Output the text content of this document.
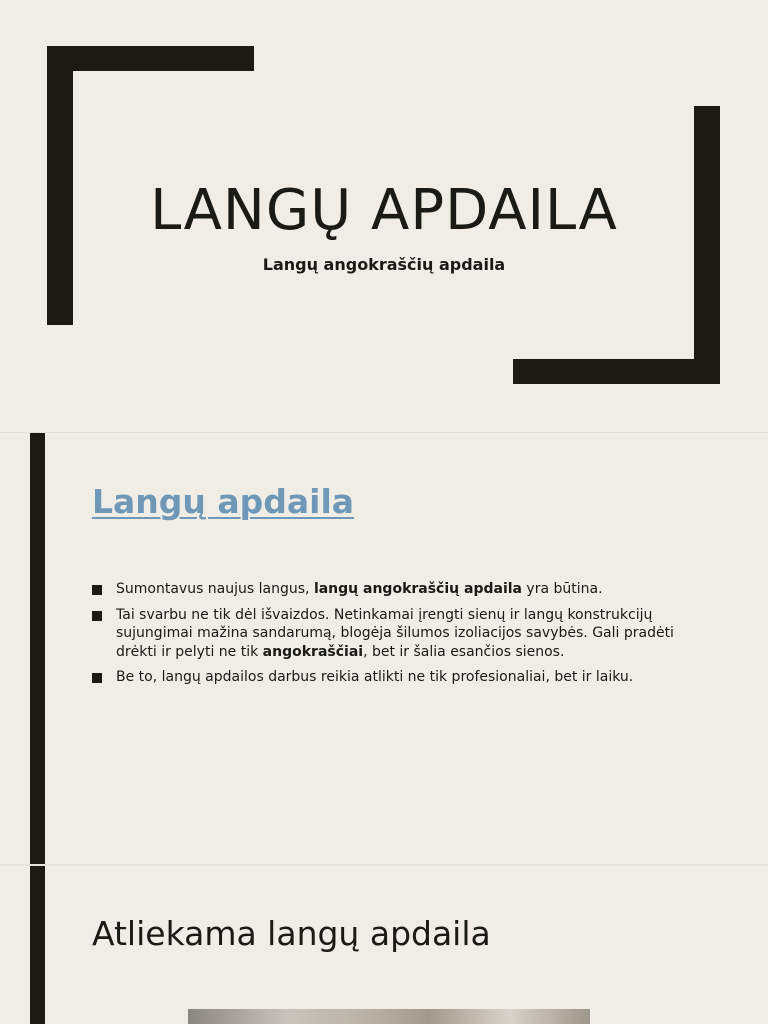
LANGŲ APDAILA

Langų angokraščių apdaila

Langų apdaila
Sumontavus naujus langus, langų angokraščių apdaila yra būtina.
Tai svarbu ne tik dėl išvaizdos. Netinkamai įrengti sienų ir langų konstrukcijų sujungimai mažina sandarumą, blogėja šilumos izoliacijos savybės. Gali pradėti drėkti ir pelyti ne tik angokraščiai, bet ir šalia esančios sienos.
Be to, langų apdailos darbus reikia atlikti ne tik profesionaliai, bet ir laiku.
Atliekama langų apdaila
